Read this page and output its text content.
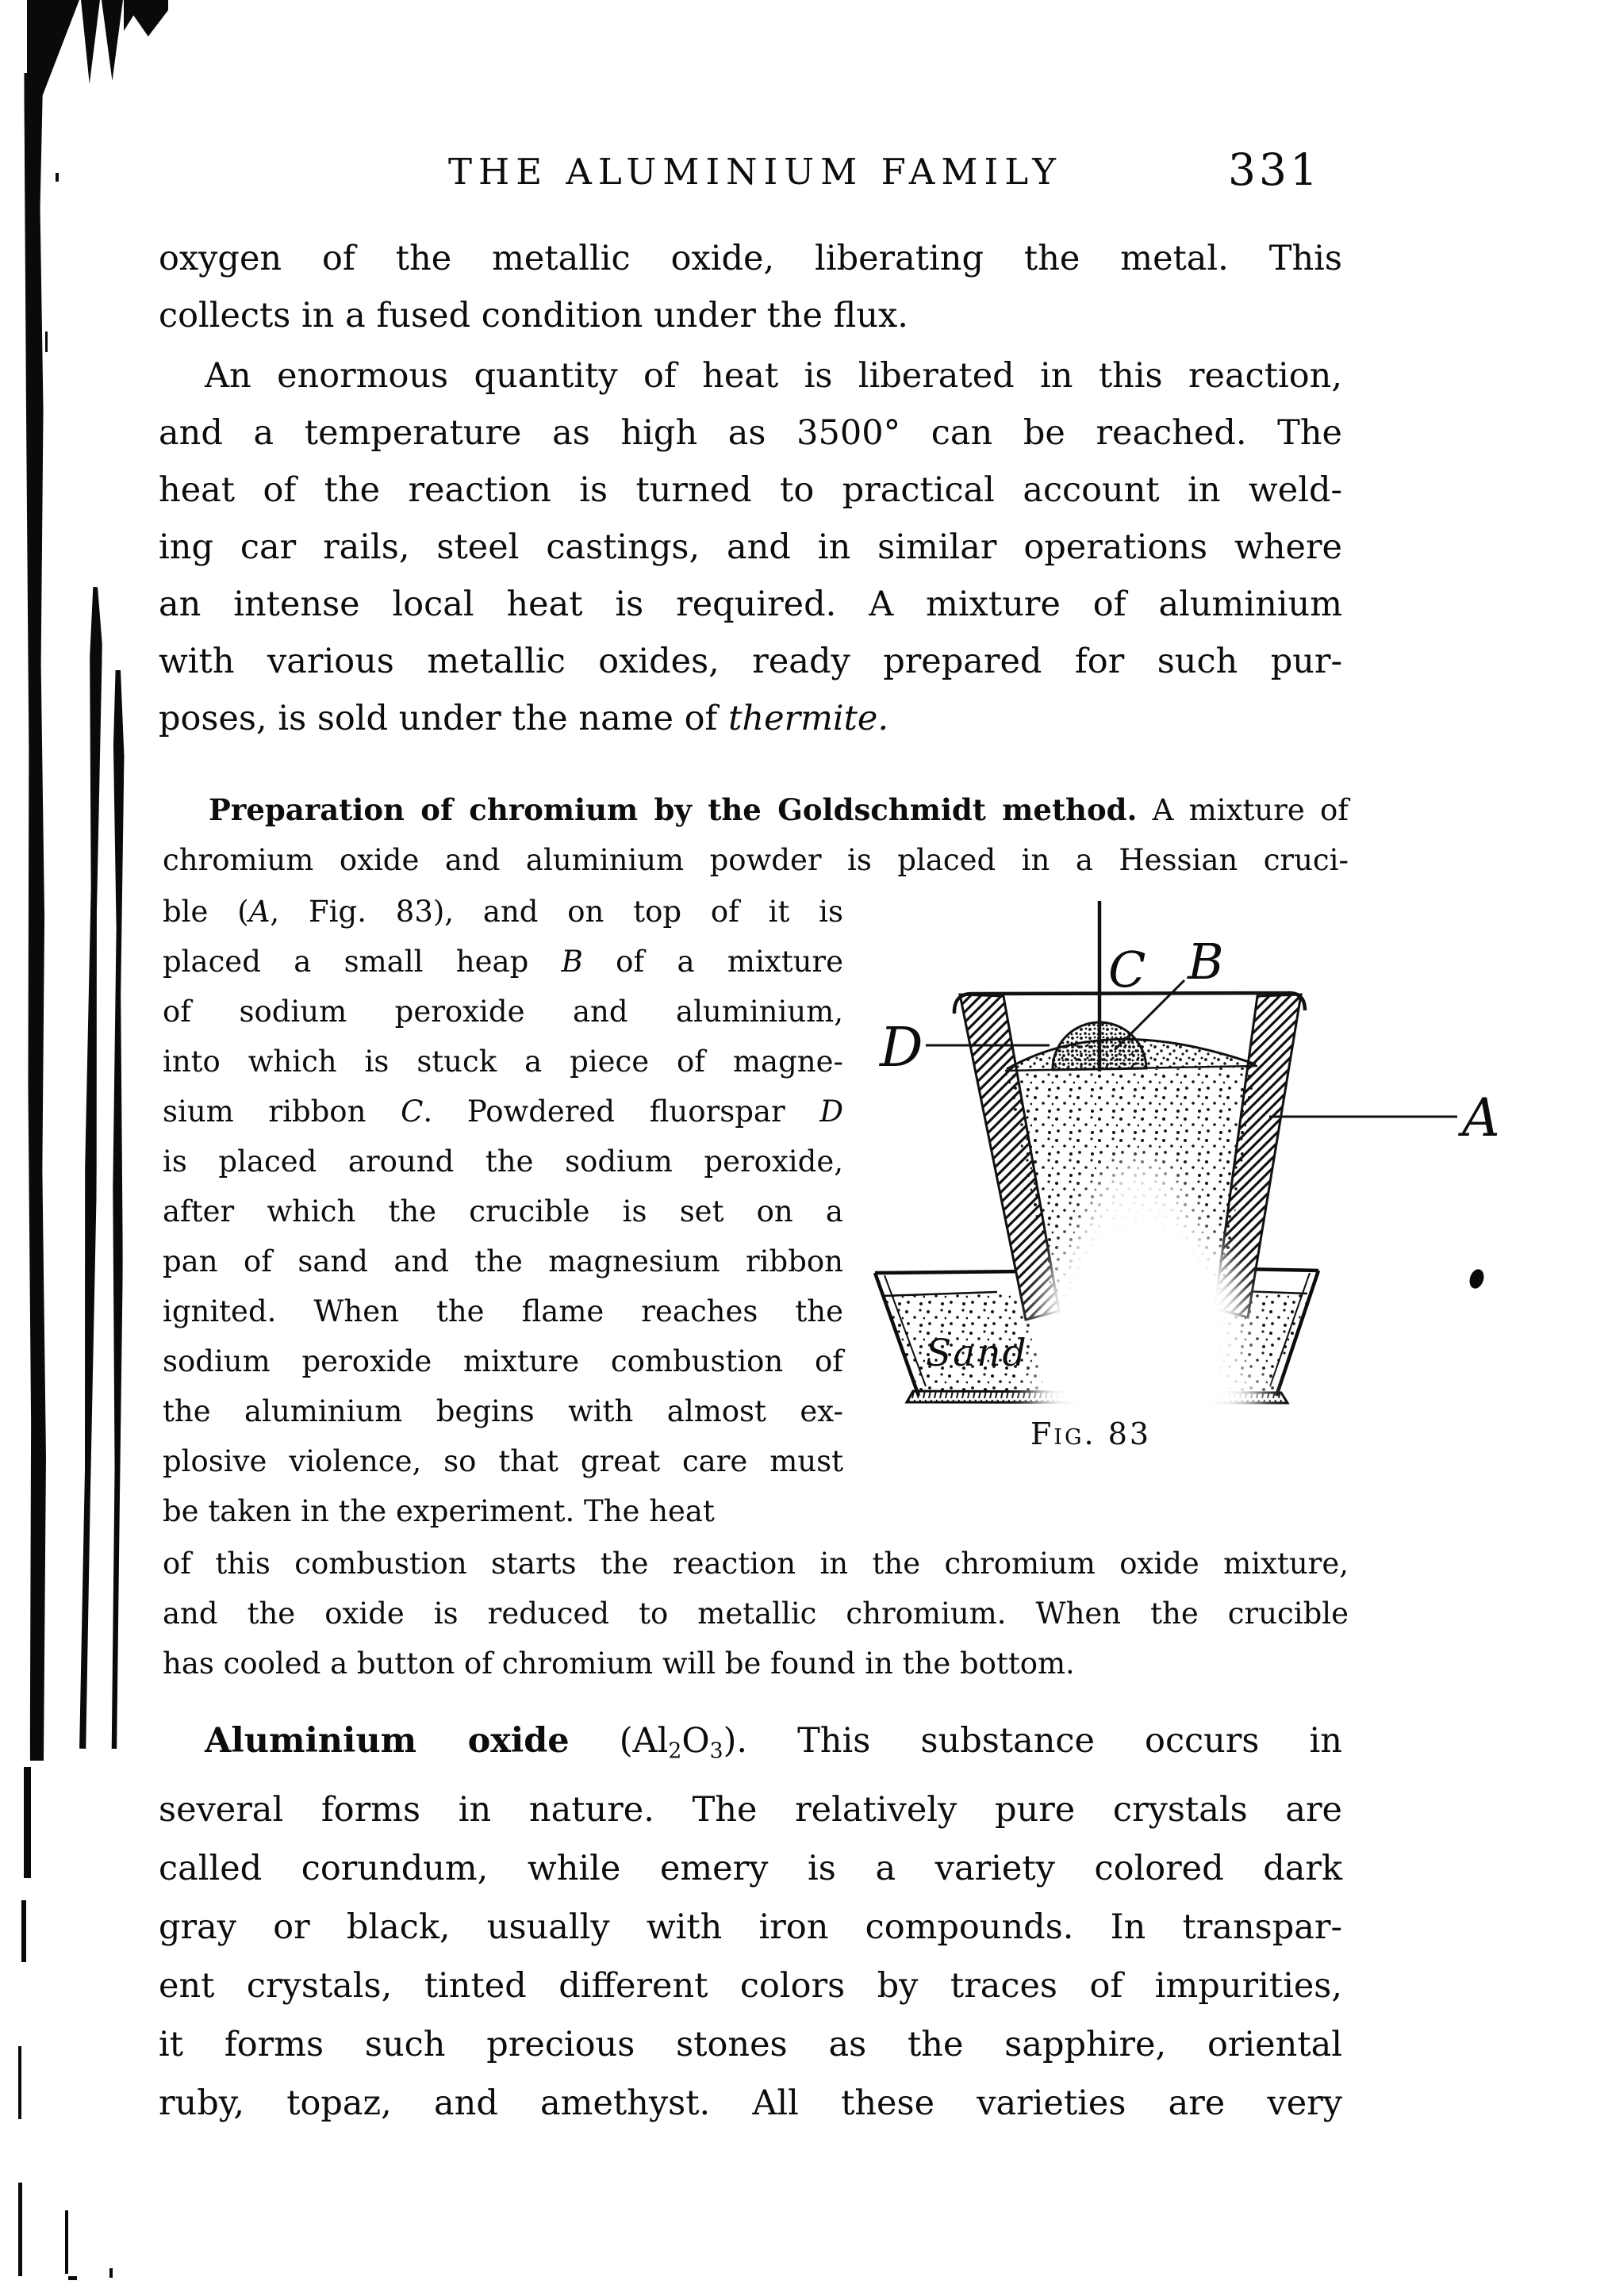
THE ALUMINIUM FAMILY	331
oxygen of the metallic oxide, liberating the metal. This
collects in a fused condition under the flux.
An enormous quantity of heat is liberated in this reaction,
and a temperature as high as 3500° can be reached. The
heat of the reaction is turned to practical account in weld-
ing car rails, steel castings, and in similar operations where
an intense local heat is required. A mixture of aluminium
with various metallic oxides, ready prepared for such pur-
poses, is sold under the name of thermite.
Preparation of chromium by the Goldschmidt method. A mixture of
chromium oxide and aluminium powder is placed in a Hessian cruci-
ble (A, Fig. 83), and on top of it is
placed a small heap B of a mixture
of sodium peroxide and aluminium,
into which is stuck a piece of magne-
sium ribbon C. Powdered fluorspar D
is placed around the sodium peroxide,
after which the crucible is set on a
pan of sand and the magnesium ribbon
ignited. When the flame reaches the
sodium peroxide mixture combustion of
the aluminium begins with almost ex-
plosive violence, so that great care must
be taken in the experiment. The heat
of this combustion starts the reaction in the chromium oxide mixture,
and the oxide is reduced to metallic chromium. When the crucible
has cooled a button of chromium will be found in the bottom.
Aluminium oxide $(Al_2O_3)$. This substance occurs in
several forms in nature. The relatively pure crystals are
called corundum, while emery is a variety colored dark
gray or black, usually with iron compounds. In transpar-
ent crystals, tinted different colors by traces of impurities,
it forms such precious stones as the sapphire, oriental
ruby, topaz, and amethyst. All these varieties are very
C B
D
A
Sand
Fig. 83
